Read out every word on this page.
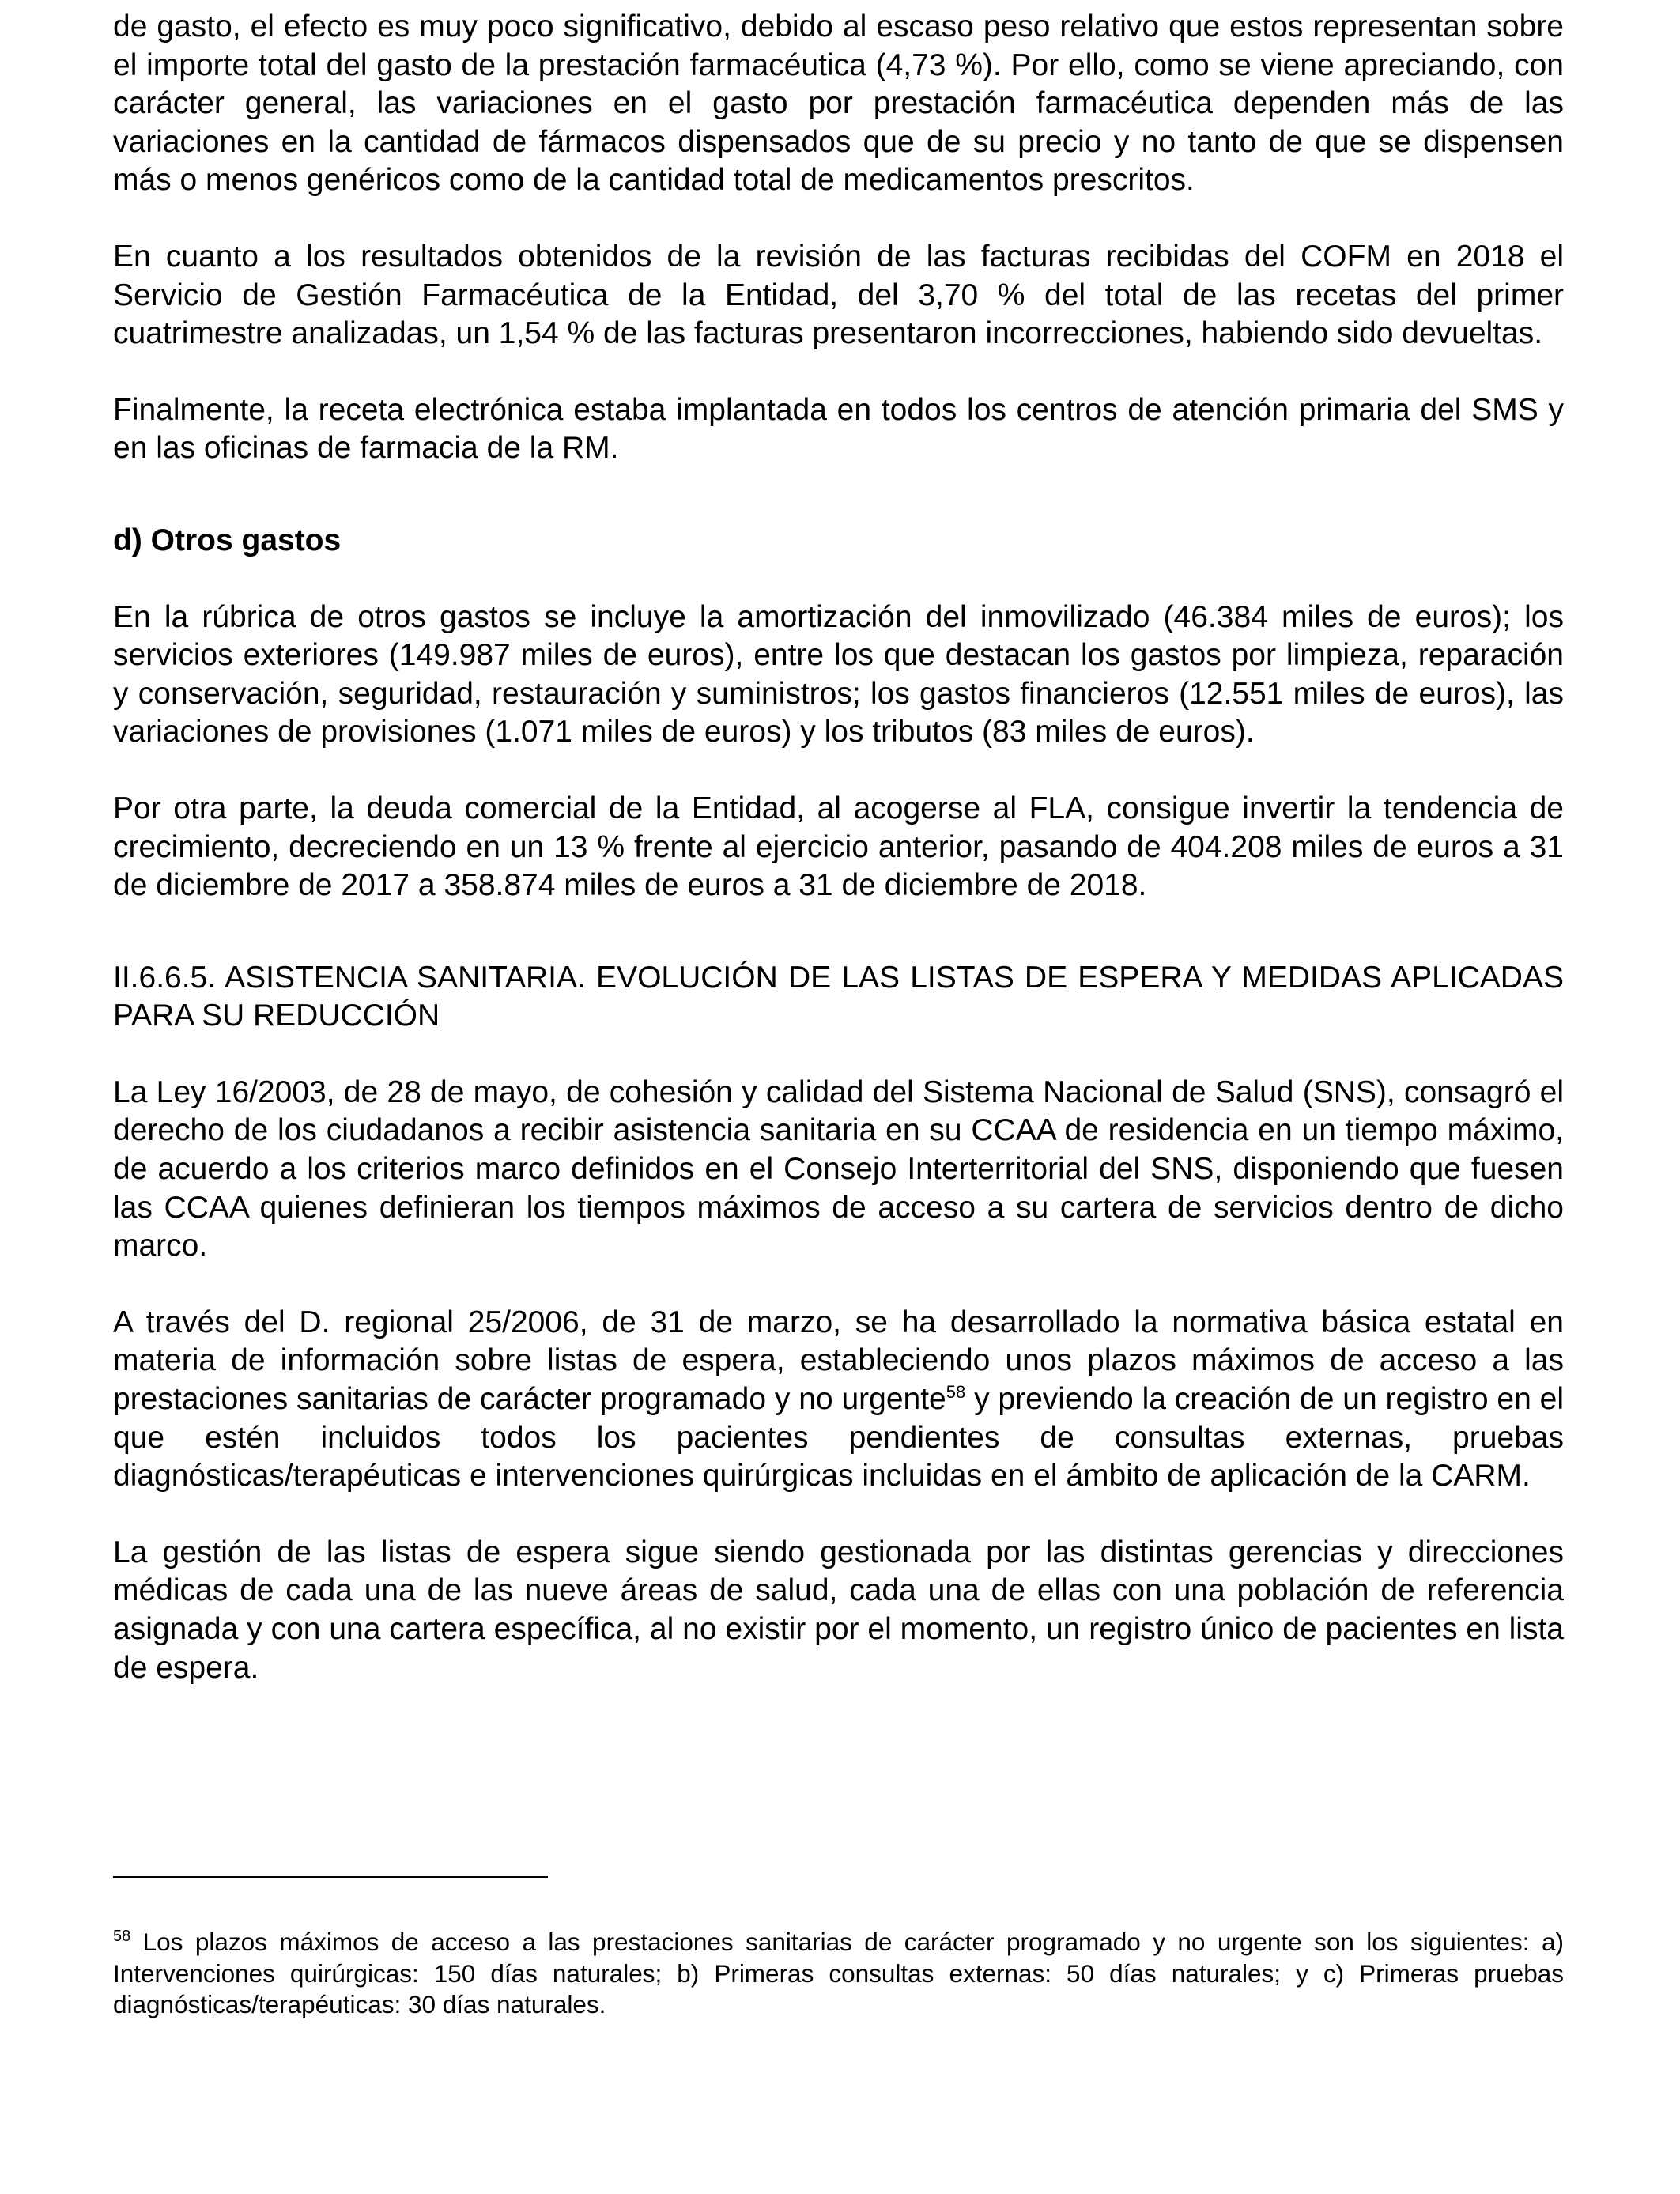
de gasto, el efecto es muy poco significativo, debido al escaso peso relativo que estos representan sobre el importe total del gasto de la prestación farmacéutica (4,73 %). Por ello, como se viene apreciando, con carácter general, las variaciones en el gasto por prestación farmacéutica dependen más de las variaciones en la cantidad de fármacos dispensados que de su precio y no tanto de que se dispensen más o menos genéricos como de la cantidad total de medicamentos prescritos.

En cuanto a los resultados obtenidos de la revisión de las facturas recibidas del COFM en 2018 el Servicio de Gestión Farmacéutica de la Entidad, del 3,70 % del total de las recetas del primer cuatrimestre analizadas, un 1,54 % de las facturas presentaron incorrecciones, habiendo sido devueltas.

Finalmente, la receta electrónica estaba implantada en todos los centros de atención primaria del SMS y en las oficinas de farmacia de la RM.

d) Otros gastos

En la rúbrica de otros gastos se incluye la amortización del inmovilizado (46.384 miles de euros); los servicios exteriores (149.987 miles de euros), entre los que destacan los gastos por limpieza, reparación y conservación, seguridad, restauración y suministros; los gastos financieros (12.551 miles de euros), las variaciones de provisiones (1.071 miles de euros) y los tributos (83 miles de euros).

Por otra parte, la deuda comercial de la Entidad, al acogerse al FLA, consigue invertir la tendencia de crecimiento, decreciendo en un 13 % frente al ejercicio anterior, pasando de 404.208 miles de euros a 31 de diciembre de 2017 a 358.874 miles de euros a 31 de diciembre de 2018.

II.6.6.5. ASISTENCIA SANITARIA. EVOLUCIÓN DE LAS LISTAS DE ESPERA Y MEDIDAS APLICADAS PARA SU REDUCCIÓN

La Ley 16/2003, de 28 de mayo, de cohesión y calidad del Sistema Nacional de Salud (SNS), consagró el derecho de los ciudadanos a recibir asistencia sanitaria en su CCAA de residencia en un tiempo máximo, de acuerdo a los criterios marco definidos en el Consejo Interterritorial del SNS, disponiendo que fuesen las CCAA quienes definieran los tiempos máximos de acceso a su cartera de servicios dentro de dicho marco.

A través del D. regional 25/2006, de 31 de marzo, se ha desarrollado la normativa básica estatal en materia de información sobre listas de espera, estableciendo unos plazos máximos de acceso a las prestaciones sanitarias de carácter programado y no urgente$^{58}$ y previendo la creación de un registro en el que estén incluidos todos los pacientes pendientes de consultas externas, pruebas diagnósticas/terapéuticas e intervenciones quirúrgicas incluidas en el ámbito de aplicación de la CARM.

La gestión de las listas de espera sigue siendo gestionada por las distintas gerencias y direcciones médicas de cada una de las nueve áreas de salud, cada una de ellas con una población de referencia asignada y con una cartera específica, al no existir por el momento, un registro único de pacientes en lista de espera.

$^{58}$ Los plazos máximos de acceso a las prestaciones sanitarias de carácter programado y no urgente son los siguientes: a) Intervenciones quirúrgicas: 150 días naturales; b) Primeras consultas externas: 50 días naturales; y c) Primeras pruebas diagnósticas/terapéuticas: 30 días naturales.
